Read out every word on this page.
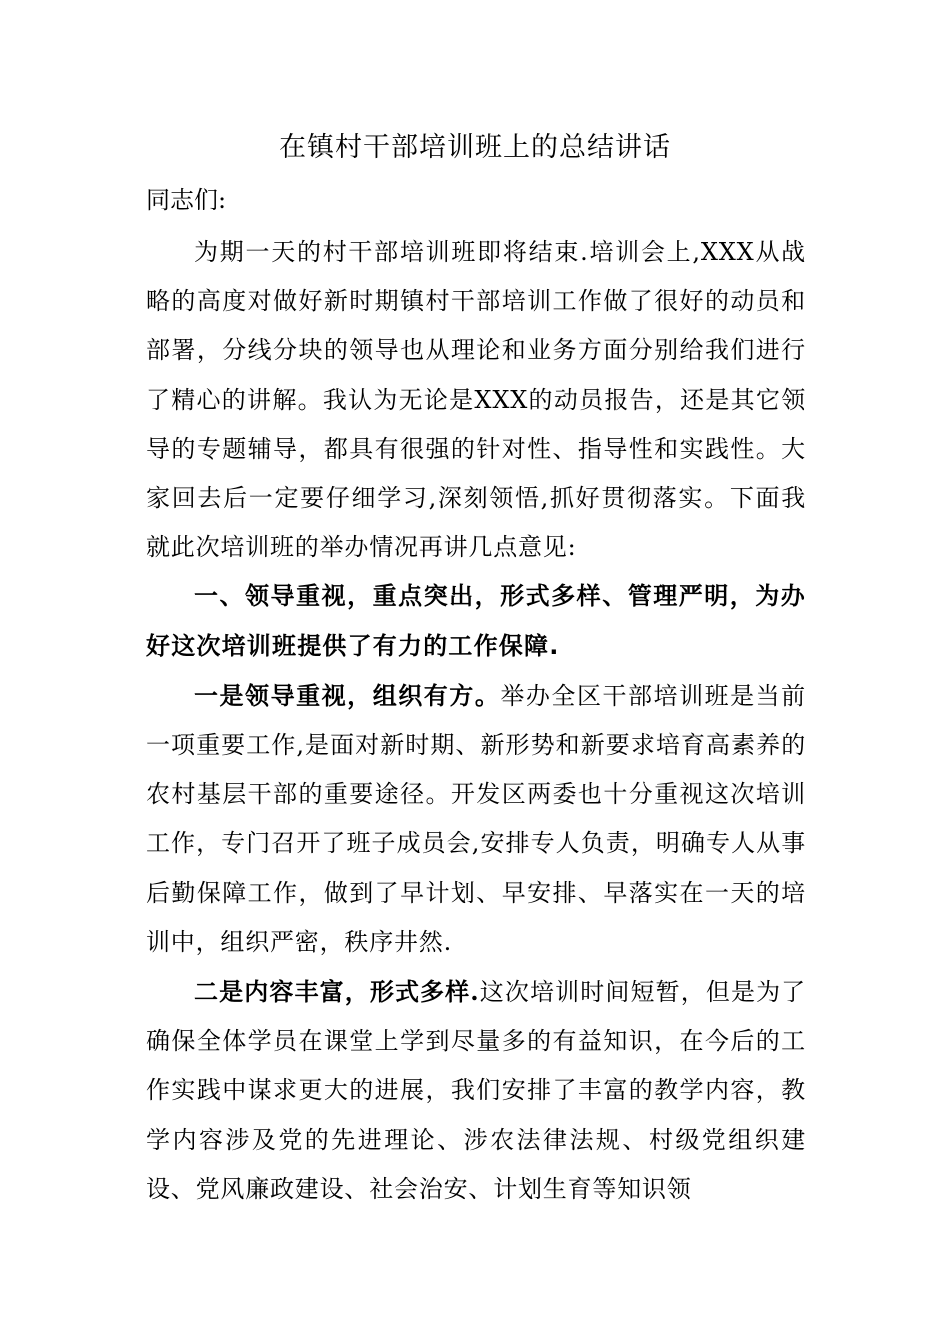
在镇村干部培训班上的总结讲话
同志们:

为期一天的村干部培训班即将结束.培训会上,XXX从战略的高度对做好新时期镇村干部培训工作做了很好的动员和部署，分线分块的领导也从理论和业务方面分别给我们进行了精心的讲解。我认为无论是XXX的动员报告，还是其它领导的专题辅导，都具有很强的针对性、指导性和实践性。大家回去后一定要仔细学习,深刻领悟,抓好贯彻落实。下面我就此次培训班的举办情况再讲几点意见:

一、领导重视，重点突出，形式多样、管理严明，为办好这次培训班提供了有力的工作保障.

一是领导重视，组织有方。举办全区干部培训班是当前一项重要工作,是面对新时期、新形势和新要求培育高素养的农村基层干部的重要途径。开发区两委也十分重视这次培训工作，专门召开了班子成员会,安排专人负责，明确专人从事后勤保障工作，做到了早计划、早安排、早落实在一天的培训中，组织严密，秩序井然.

二是内容丰富，形式多样.这次培训时间短暂，但是为了确保全体学员在课堂上学到尽量多的有益知识，在今后的工作实践中谋求更大的进展，我们安排了丰富的教学内容，教学内容涉及党的先进理论、涉农法律法规、村级党组织建设、党风廉政建设、社会治安、计划生育等知识领
